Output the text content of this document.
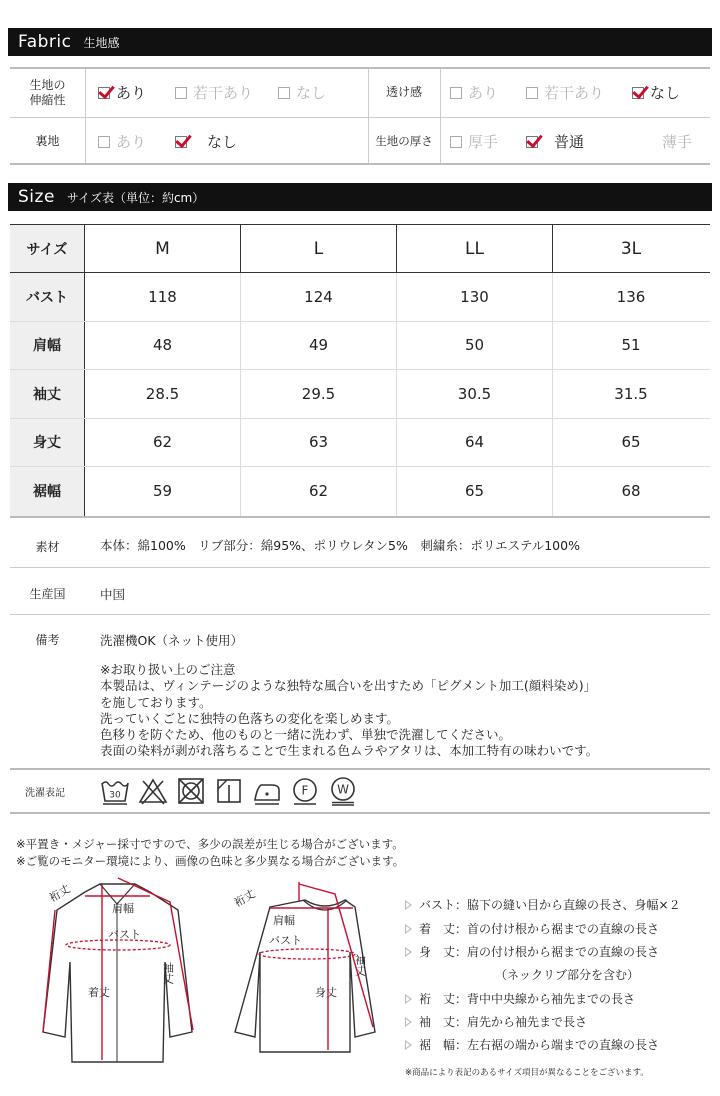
Fabric 生地感
生地の
伸縮性	あり	若干あり	なし	透け感	あり	若干あり	なし
裏地	あり	なし	生地の厚さ	厚手	普通	薄手
Size サイズ表（単位：約cm）
サイズ	M	L	LL	3L
バスト	118	124	130	136
肩幅	48	49	50	51
袖丈	28.5	29.5	30.5	31.5
身丈	62	63	64	65
裾幅	59	62	65	68
素材	本体：綿100%　リブ部分：綿95%、ポリウレタン5%　刺繍糸：ポリエステル100%
生産国	中国
備考	洗濯機OK（ネット使用）
※お取り扱い上のご注意
本製品は、ヴィンテージのような独特な風合いを出すため「ピグメント加工(顔料染め)」
を施しております。
洗っていくごとに独特の色落ちの変化を楽しめます。
色移りを防ぐため、他のものと一緒に洗わず、単独で洗濯してください。
表面の染料が剥がれ落ちることで生まれる色ムラやアタリは、本加工特有の味わいです。
洗濯表記	30	F W
※平置き・メジャー採寸ですので、多少の誤差が生じる場合がございます。
※ご覧のモニター環境により、画像の色味と多少異なる場合がございます。
裄丈
肩幅
バスト
着丈
袖丈
裄丈
肩幅
バスト
身丈
袖丈
バスト：脇下の縫い目から直線の長さ、身幅×２
着　丈：首の付け根から裾までの直線の長さ
身　丈：肩の付け根から裾までの直線の長さ
（ネックリブ部分を含む）
裄　丈：背中中央線から袖先までの長さ
袖　丈：肩先から袖先まで長さ
裾　幅：左右裾の端から端までの直線の長さ
※商品により表記のあるサイズ項目が異なることをございます。
